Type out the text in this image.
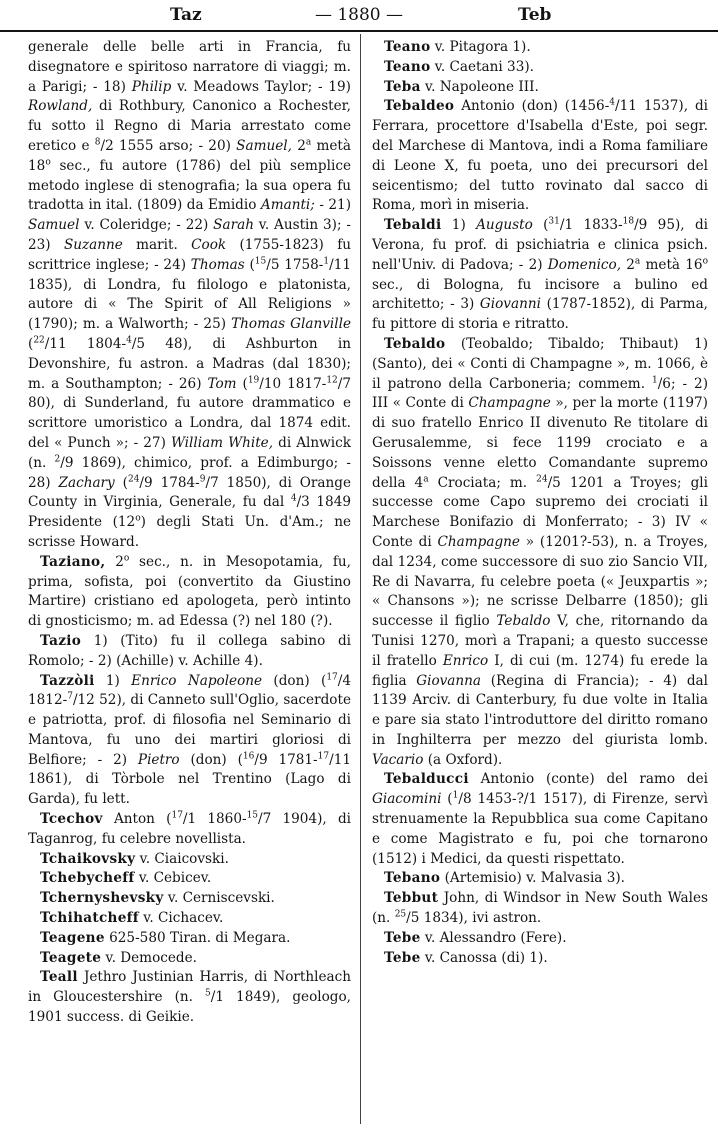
Taz	— 1880 —	Teb

generale delle belle arti in Francia, fu disegnatore e spiritoso narratore di viaggi; m. a Parigi; - 18) Philip v. Meadows Taylor; - 19) Rowland, di Rothbury, Canonico a Rochester, fu sotto il Regno di Maria arrestato come eretico e $^8$/2 1555 arso; - 20) Samuel, 2$^a$ metà 18$^o$ sec., fu autore (1786) del più semplice metodo inglese di stenografia; la sua opera fu tradotta in ital. (1809) da Emidio Amanti; - 21) Samuel v. Coleridge; - 22) Sarah v. Austin 3); - 23) Suzanne marit. Cook (1755-1823) fu scrittrice inglese; - 24) Thomas ($^{15}$/5 1758-$^1$/11 1835), di Londra, fu filologo e platonista, autore di « The Spirit of All Religions » (1790); m. a Walworth; - 25) Thomas Glanville ($^{22}$/11 1804-$^4$/5 48), di Ashburton in Devonshire, fu astron. a Madras (dal 1830); m. a Southampton; - 26) Tom ($^{19}$/10 1817-$^{12}$/7 80), di Sunderland, fu autore drammatico e scrittore umoristico a Londra, dal 1874 edit. del « Punch »; - 27) William White, di Alnwick (n. $^2$/9 1869), chimico, prof. a Edimburgo; - 28) Zachary ($^{24}$/9 1784-$^9$/7 1850), di Orange County in Virginia, Generale, fu dal $^4$/3 1849 Presidente (12$^o$) degli Stati Un. d'Am.; ne scrisse Howard.

Taziano, 2$^o$ sec., n. in Mesopotamia, fu, prima, sofista, poi (convertito da Giustino Martire) cristiano ed apologeta, però intinto di gnosticismo; m. ad Edessa (?) nel 180 (?).

Tazio 1) (Tito) fu il collega sabino di Romolo; - 2) (Achille) v. Achille 4).

Tazzòli 1) Enrico Napoleone (don) ($^{17}$/4 1812-$^7$/12 52), di Canneto sull'Oglio, sacerdote e patriotta, prof. di filosofia nel Seminario di Mantova, fu uno dei martiri gloriosi di Belfiore; - 2) Pietro (don) ($^{16}$/9 1781-$^{17}$/11 1861), di Tòrbole nel Trentino (Lago di Garda), fu lett.

Tcechov Anton ($^{17}$/1 1860-$^{15}$/7 1904), di Taganrog, fu celebre novellista.

Tchaikovsky v. Ciaicovski.

Tchebycheff v. Cebicev.

Tchernyshevsky v. Cerniscevski.

Tchihatcheff v. Cichacev.

Teagene 625-580 Tiran. di Megara.

Teagete v. Democede.

Teall Jethro Justinian Harris, di Northleach in Gloucestershire (n. $^5$/1 1849), geologo, 1901 success. di Geikie.

Teano v. Pitagora 1).

Teano v. Caetani 33).

Teba v. Napoleone III.

Tebaldeo Antonio (don) (1456-$^4$/11 1537), di Ferrara, procettore d'Isabella d'Este, poi segr. del Marchese di Mantova, indi a Roma familiare di Leone X, fu poeta, uno dei precursori del seicentismo; del tutto rovinato dal sacco di Roma, morì in miseria.

Tebaldi 1) Augusto ($^{31}$/1 1833-$^{18}$/9 95), di Verona, fu prof. di psichiatria e clinica psich. nell'Univ. di Padova; - 2) Domenico, 2$^a$ metà 16$^o$ sec., di Bologna, fu incisore a bulino ed architetto; - 3) Giovanni (1787-1852), di Parma, fu pittore di storia e ritratto.

Tebaldo (Teobaldo; Tibaldo; Thibaut) 1) (Santo), dei « Conti di Champagne », m. 1066, è il patrono della Carboneria; commem. $^1$/6; - 2) III « Conte di Champagne », per la morte (1197) di suo fratello Enrico II divenuto Re titolare di Gerusalemme, si fece 1199 crociato e a Soissons venne eletto Comandante supremo della 4$^a$ Crociata; m. $^{24}$/5 1201 a Troyes; gli successe come Capo supremo dei crociati il Marchese Bonifazio di Monferrato; - 3) IV « Conte di Champagne » (1201?-53), n. a Troyes, dal 1234, come successore di suo zio Sancio VII, Re di Navarra, fu celebre poeta (« Jeuxpartis »; « Chansons »); ne scrisse Delbarre (1850); gli successe il figlio Tebaldo V, che, ritornando da Tunisi 1270, morì a Trapani; a questo successe il fratello Enrico I, di cui (m. 1274) fu erede la figlia Giovanna (Regina di Francia); - 4) dal 1139 Arciv. di Canterbury, fu due volte in Italia e pare sia stato l'introduttore del diritto romano in Inghilterra per mezzo del giurista lomb. Vacario (a Oxford).

Tebalducci Antonio (conte) del ramo dei Giacomini ($^1$/8 1453-?/1 1517), di Firenze, servì strenuamente la Repubblica sua come Capitano e come Magistrato e fu, poi che tornarono (1512) i Medici, da questi rispettato.

Tebano (Artemisio) v. Malvasia 3).

Tebbut John, di Windsor in New South Wales (n. $^{25}$/5 1834), ivi astron.

Tebe v. Alessandro (Fere).

Tebe v. Canossa (di) 1).
